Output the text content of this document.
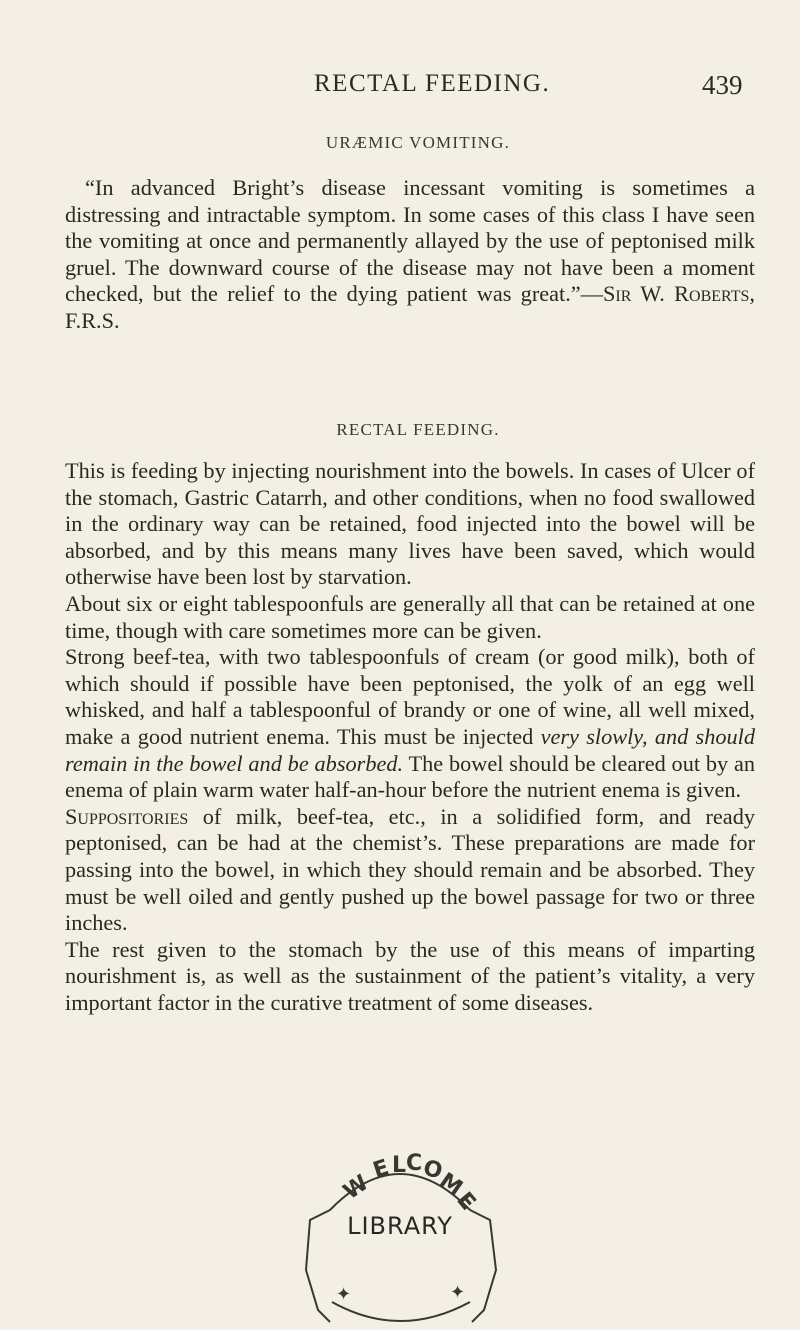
RECTAL FEEDING.	439
URÆMIC VOMITING.

“In advanced Bright’s disease incessant vomiting is sometimes a distressing and intractable symptom. In some cases of this class I have seen the vomiting at once and permanently allayed by the use of peptonised milk gruel. The downward course of the disease may not have been a moment checked, but the relief to the dying patient was great.”—Sir W. Roberts, F.R.S.

RECTAL FEEDING.

This is feeding by injecting nourishment into the bowels. In cases of Ulcer of the stomach, Gastric Catarrh, and other conditions, when no food swallowed in the ordinary way can be retained, food injected into the bowel will be absorbed, and by this means many lives have been saved, which would otherwise have been lost by starvation.

About six or eight tablespoonfuls are generally all that can be retained at one time, though with care sometimes more can be given.

Strong beef-tea, with two tablespoonfuls of cream (or good milk), both of which should if possible have been peptonised, the yolk of an egg well whisked, and half a tablespoonful of brandy or one of wine, all well mixed, make a good nutrient enema. This must be injected very slowly, and should remain in the bowel and be absorbed. The bowel should be cleared out by an enema of plain warm water half-an-hour before the nutrient enema is given.

Suppositories of milk, beef-tea, etc., in a solidified form, and ready peptonised, can be had at the chemist’s. These preparations are made for passing into the bowel, in which they should remain and be absorbed. They must be well oiled and gently pushed up the bowel passage for two or three inches.

The rest given to the stomach by the use of this means of imparting nourishment is, as well as the sustainment of the patient’s vitality, a very important factor in the curative treatment of some diseases.

W
E L C
O
M
E
✦	✦
LIBRARY
